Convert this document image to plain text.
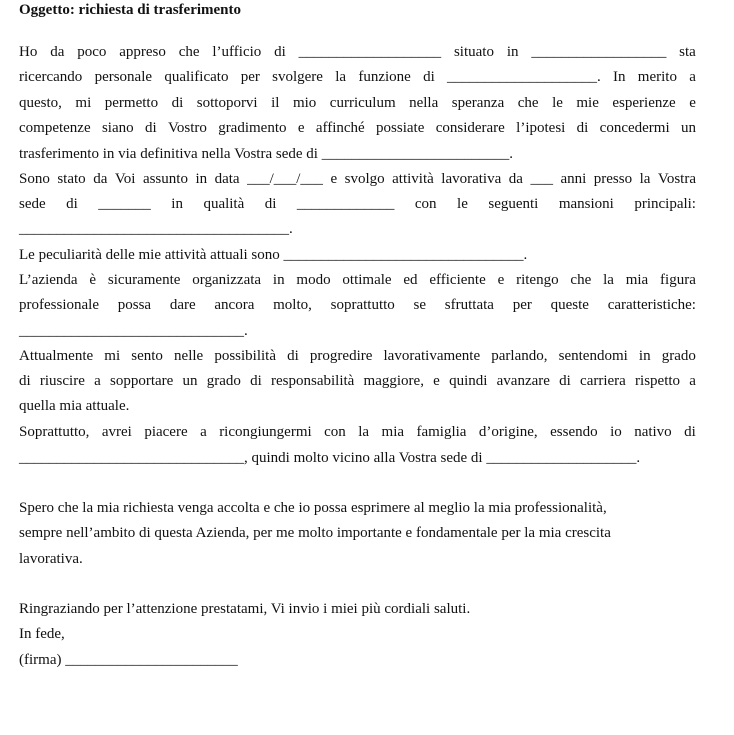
Oggetto: richiesta di trasferimento
Ho da poco appreso che l’ufficio di ___________________ situato in __________________ sta
ricercando personale qualificato per svolgere la funzione di ____________________. In merito a
questo, mi permetto di sottoporvi il mio curriculum nella speranza che le mie esperienze e
competenze siano di Vostro gradimento e affinché possiate considerare l’ipotesi di concedermi un
trasferimento in via definitiva nella Vostra sede di _________________________.
Sono stato da Voi assunto in data ___/___/___ e svolgo attività lavorativa da ___ anni presso la Vostra
sede di _______ in qualità di _____________ con le seguenti mansioni principali:
____________________________________.
Le peculiarità delle mie attività attuali sono ________________________________.
L’azienda è sicuramente organizzata in modo ottimale ed efficiente e ritengo che la mia figura
professionale possa dare ancora molto, soprattutto se sfruttata per queste caratteristiche:
______________________________.
Attualmente mi sento nelle possibilità di progredire lavorativamente parlando, sentendomi in grado
di riuscire a sopportare un grado di responsabilità maggiore, e quindi avanzare di carriera rispetto a
quella mia attuale.
Soprattutto, avrei piacere a ricongiungermi con la mia famiglia d’origine, essendo io nativo di
______________________________, quindi molto vicino alla Vostra sede di ____________________.
Spero che la mia richiesta venga accolta e che io possa esprimere al meglio la mia professionalità,
sempre nell’ambito di questa Azienda, per me molto importante e fondamentale per la mia crescita
lavorativa.
Ringraziando per l’attenzione prestatami, Vi invio i miei più cordiali saluti.
In fede,
(firma) _______________________
